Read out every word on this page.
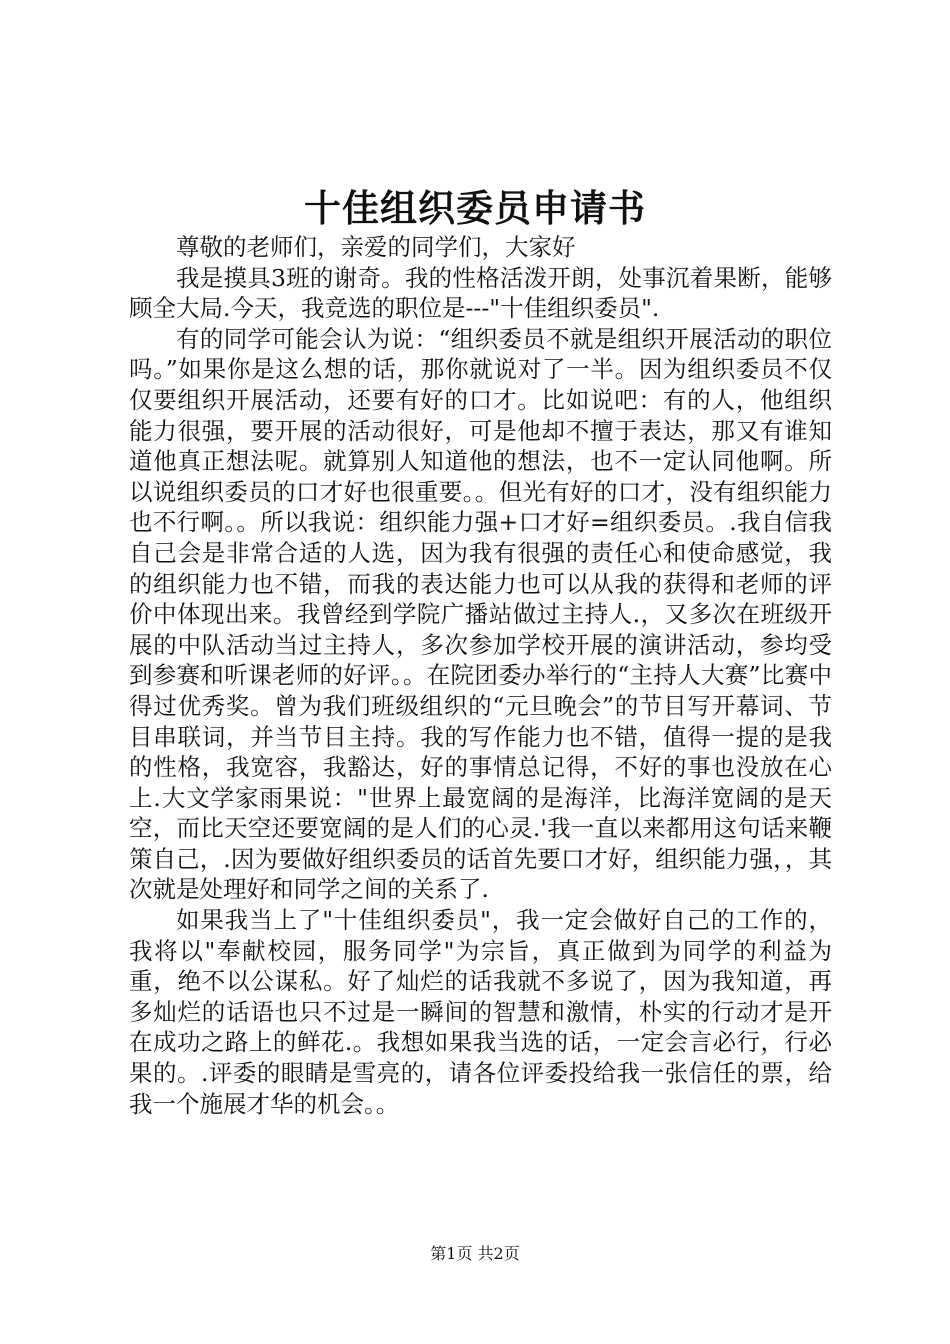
十佳组织委员申请书

尊敬的老师们，亲爱的同学们，大家好

我是摸具3班的谢奇。我的性格活泼开朗，处事沉着果断，能够顾全大局.今天，我竞选的职位是---"十佳组织委员".

有的同学可能会认为说：“组织委员不就是组织开展活动的职位吗。”如果你是这么想的话，那你就说对了一半。因为组织委员不仅仅要组织开展活动，还要有好的口才。比如说吧：有的人，他组织能力很强，要开展的活动很好，可是他却不擅于表达，那又有谁知道他真正想法呢。就算别人知道他的想法，也不一定认同他啊。所以说组织委员的口才好也很重要。。但光有好的口才，没有组织能力也不行啊。。所以我说：组织能力强+口才好=组织委员。.我自信我自己会是非常合适的人选，因为我有很强的责任心和使命感觉，我的组织能力也不错，而我的表达能力也可以从我的获得和老师的评价中体现出来。我曾经到学院广播站做过主持人.，又多次在班级开展的中队活动当过主持人，多次参加学校开展的演讲活动，参均受到参赛和听课老师的好评。。在院团委办举行的“主持人大赛”比赛中得过优秀奖。曾为我们班级组织的“元旦晚会”的节目写开幕词、节目串联词，并当节目主持。我的写作能力也不错，值得一提的是我的性格，我宽容，我豁达，好的事情总记得，不好的事也没放在心上.大文学家雨果说："世界上最宽阔的是海洋，比海洋宽阔的是天空，而比天空还要宽阔的是人们的心灵.'我一直以来都用这句话来鞭策自己，.因为要做好组织委员的话首先要口才好，组织能力强，，其次就是处理好和同学之间的关系了.

如果我当上了"十佳组织委员"，我一定会做好自己的工作的，我将以"奉献校园，服务同学"为宗旨，真正做到为同学的利益为重，绝不以公谋私。好了灿烂的话我就不多说了，因为我知道，再多灿烂的话语也只不过是一瞬间的智慧和激情，朴实的行动才是开在成功之路上的鲜花.。我想如果我当选的话，一定会言必行，行必果的。.评委的眼睛是雪亮的，请各位评委投给我一张信任的票，给我一个施展才华的机会。。

第1页 共2页
